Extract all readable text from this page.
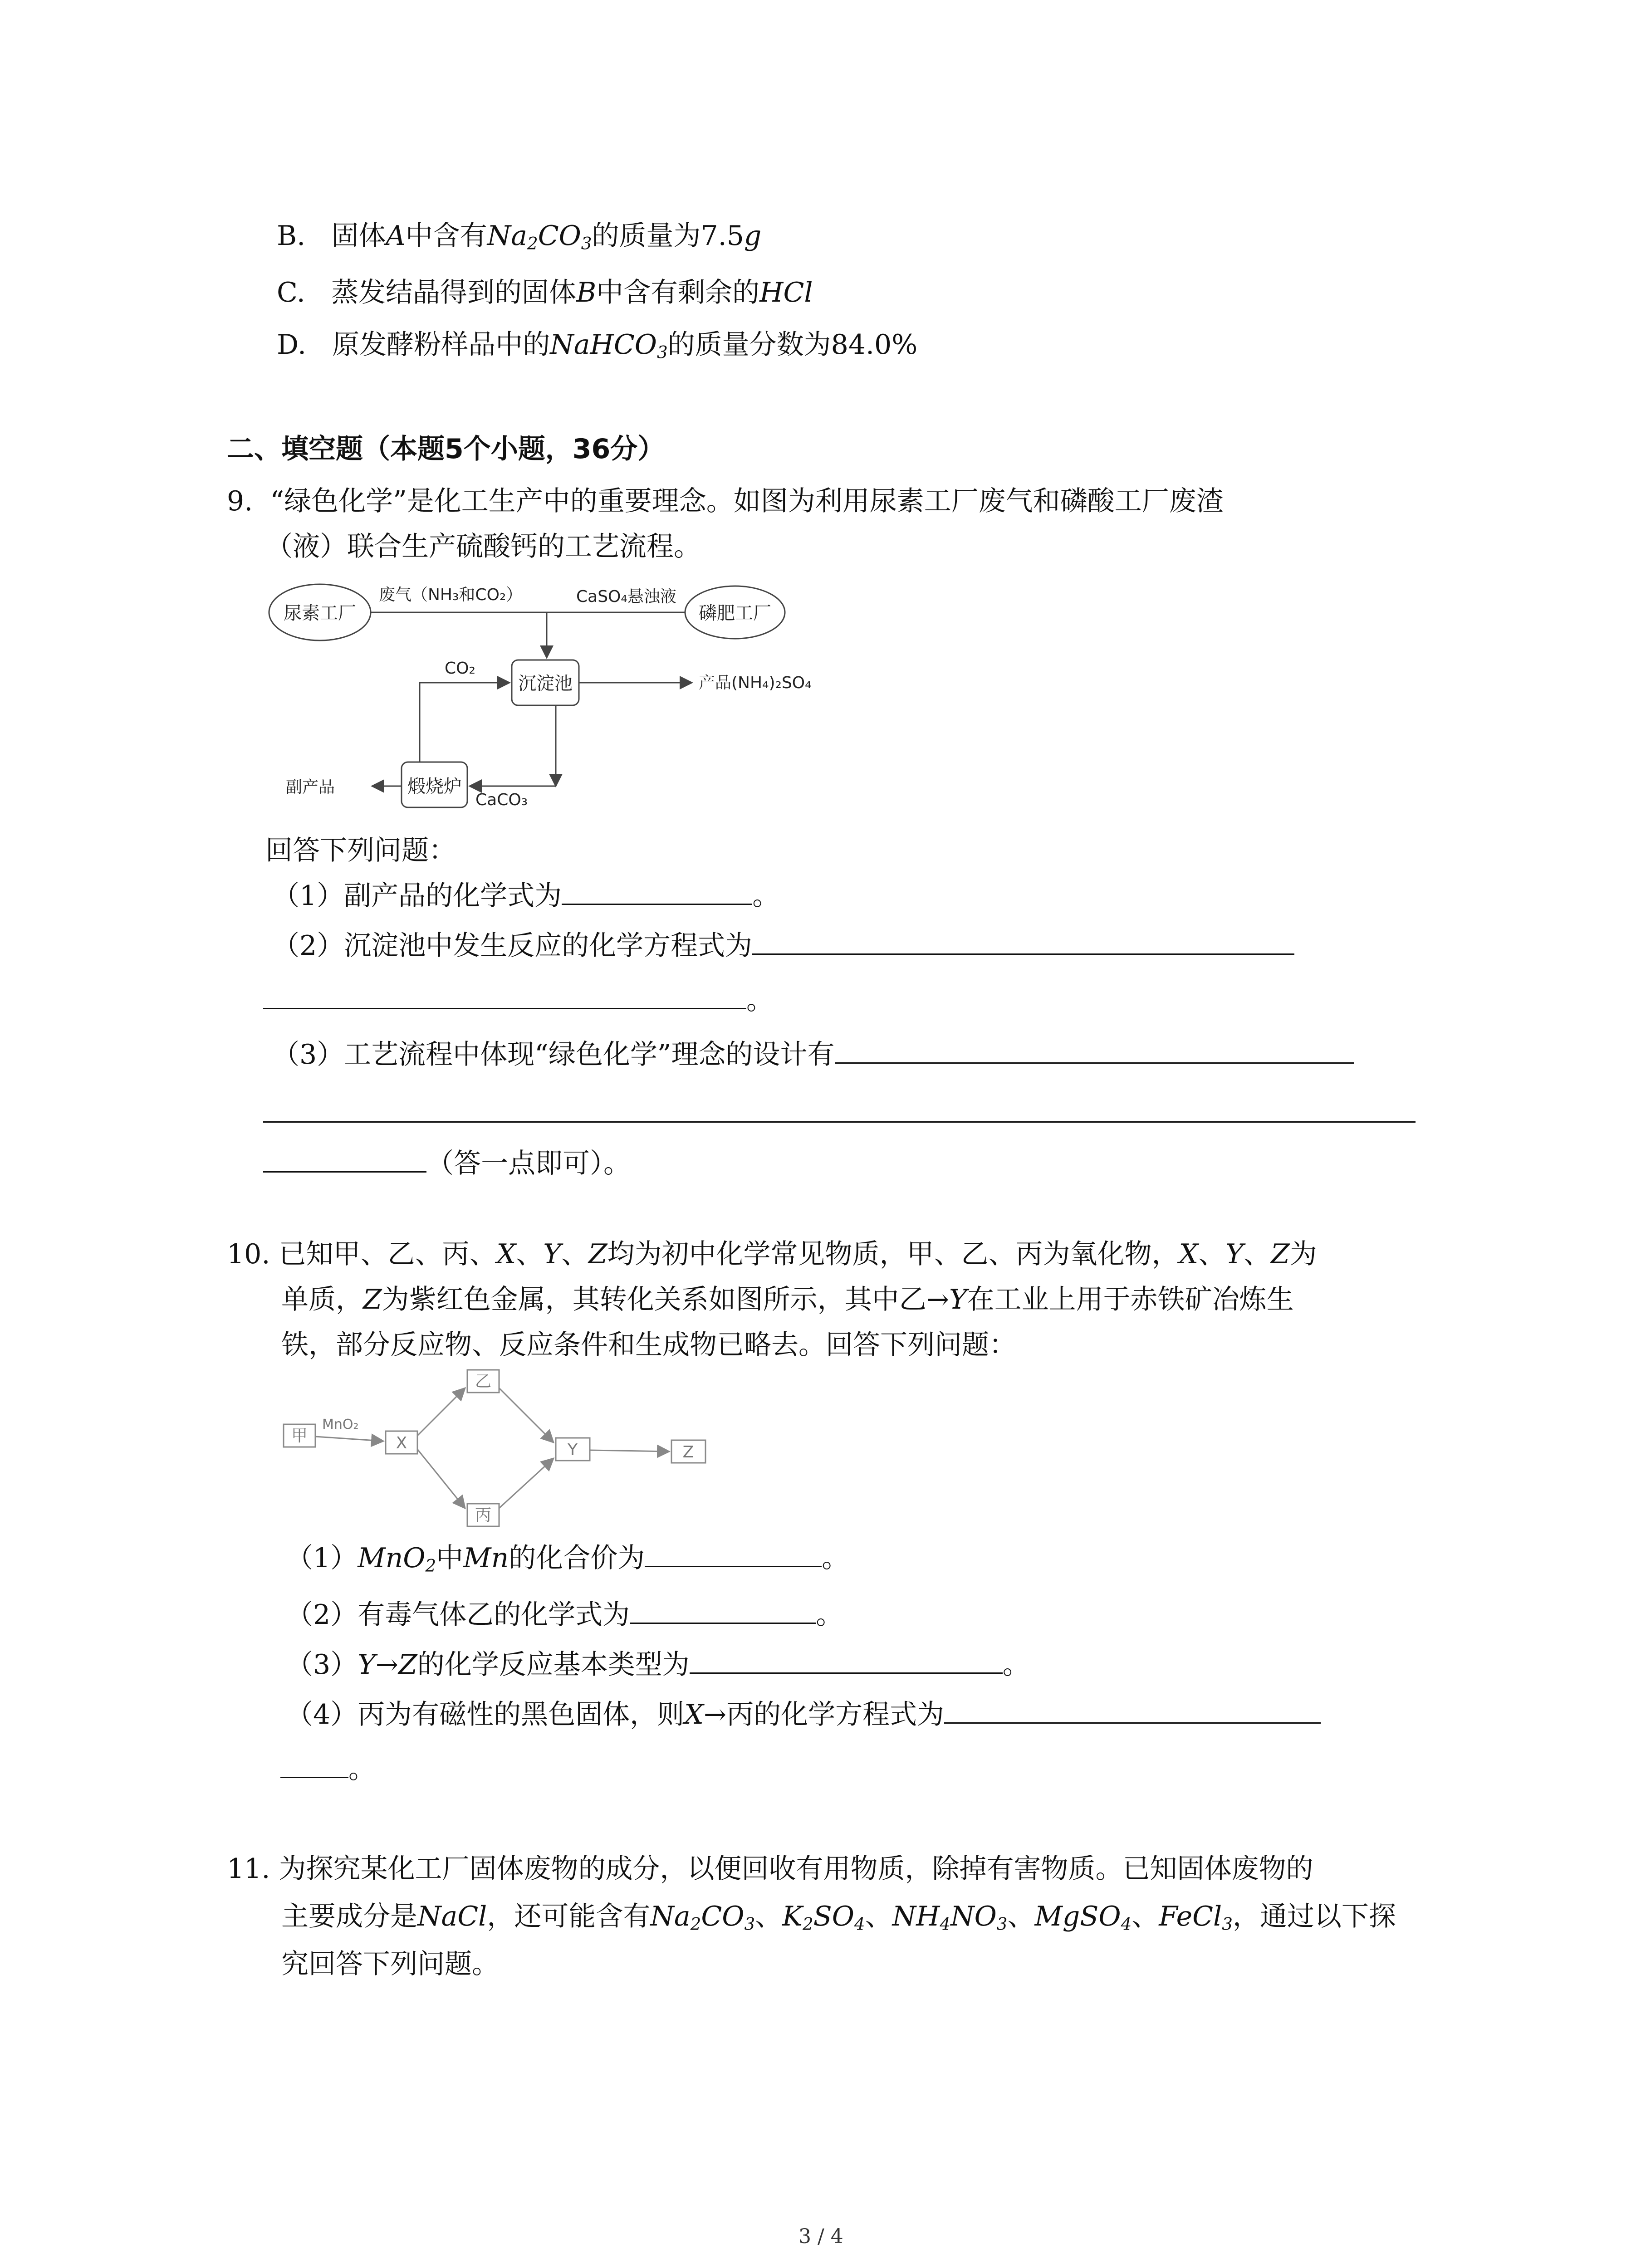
B. 固体A中含有$Na_2CO_3$的质量为7.5g
C. 蒸发结晶得到的固体B中含有剩余的HCl
D. 原发酵粉样品中的NaHCO$_3$的质量分数为84.0%
二、填空题（本题5个小题，36分）
9. “绿色化学”是化工生产中的重要理念。如图为利用尿素工厂废气和磷酸工厂废渣
（液）联合生产硫酸钙的工艺流程。
尿素工厂	磷肥工厂
废气（NH₃和CO₂）	CaSO₄悬浊液
沉淀池
CO₂
产品(NH₄)₂SO₄
煅烧炉
CaCO₃
副产品
回答下列问题：
（1）副产品的化学式为	。
（2）沉淀池中发生反应的化学方程式为
。
（3）工艺流程中体现“绿色化学”理念的设计有
（答一点即可）。
10. 已知甲、乙、丙、X、Y、Z均为初中化学常见物质，甲、乙、丙为氧化物，X、Y、Z为
单质，Z为紫红色金属，其转化关系如图所示，其中乙→Y在工业上用于赤铁矿冶炼生
铁，部分反应物、反应条件和生成物已略去。回答下列问题：
甲
MnO₂
X
乙
丙
Y	Z
（1）MnO$_2$中Mn的化合价为	。
（2）有毒气体乙的化学式为	。
（3）Y→Z的化学反应基本类型为	。
（4）丙为有磁性的黑色固体，则X→丙的化学方程式为
。
11. 为探究某化工厂固体废物的成分，以便回收有用物质，除掉有害物质。已知固体废物的
主要成分是NaCl，还可能含有$Na_2CO_3$、$K_2SO_4$、$NH_4NO_3$、MgSO$_4$、FeCl$_3$，通过以下探
究回答下列问题。
3 / 4
